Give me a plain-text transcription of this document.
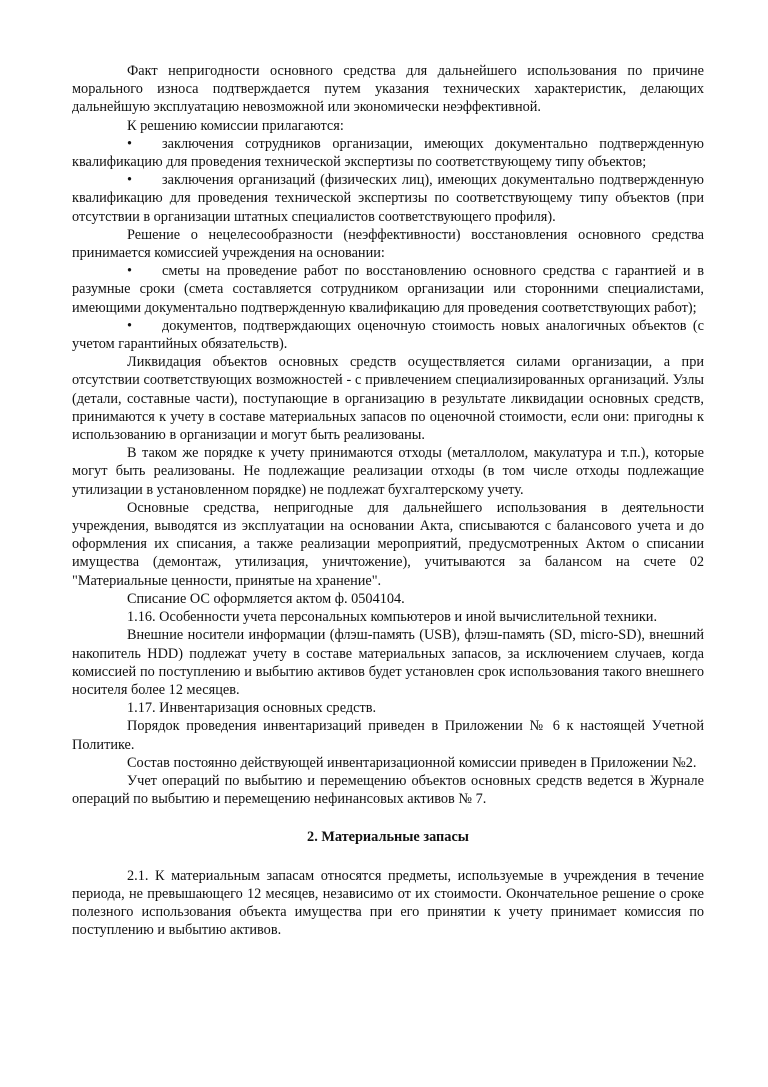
Факт непригодности основного средства для дальнейшего использования по причине морального износа подтверждается путем указания технических характеристик, делающих дальнейшую эксплуатацию невозможной или экономически неэффективной.

К решению комиссии прилагаются:

•	заключения сотрудников организации, имеющих документально подтвержденную квалификацию для проведения технической экспертизы по соответствующему типу объектов;

•	заключения организаций (физических лиц), имеющих документально подтвержденную квалификацию для проведения технической экспертизы по соответствующему типу объектов (при отсутствии в организации штатных специалистов соответствующего профиля).

Решение о нецелесообразности (неэффективности) восстановления основного средства принимается комиссией учреждения на основании:

•	сметы на проведение работ по восстановлению основного средства с гарантией и в разумные сроки (смета составляется сотрудником организации или сторонними специалистами, имеющими документально подтвержденную квалификацию для проведения соответствующих работ);

•	документов, подтверждающих оценочную стоимость новых аналогичных объектов (с учетом гарантийных обязательств).

Ликвидация объектов основных средств осуществляется силами организации, а при отсутствии соответствующих возможностей - с привлечением специализированных организаций. Узлы (детали, составные части), поступающие в организацию в результате ликвидации основных средств, принимаются к учету в составе материальных запасов по оценочной стоимости, если они: пригодны к использованию в организации и могут быть реализованы.

В таком же порядке к учету принимаются отходы (металлолом, макулатура и т.п.), которые могут быть реализованы. Не подлежащие реализации отходы (в том числе отходы подлежащие утилизации в установленном порядке) не подлежат бухгалтерскому учету.

Основные средства, непригодные для дальнейшего использования в деятельности учреждения, выводятся из эксплуатации на основании Акта, списываются с балансового учета и до оформления их списания, а также реализации мероприятий, предусмотренных Актом о списании имущества (демонтаж, утилизация, уничтожение), учитываются за балансом на счете 02 "Материальные ценности, принятые на хранение".

Списание ОС оформляется актом ф. 0504104.

1.16. Особенности учета персональных компьютеров и иной вычислительной техники.

Внешние носители информации (флэш-память (USB), флэш-память (SD, micro-SD), внешний накопитель HDD) подлежат учету в составе материальных запасов, за исключением случаев, когда комиссией по поступлению и выбытию активов будет установлен срок использования такого внешнего носителя более 12 месяцев.

1.17. Инвентаризация основных средств.

Порядок проведения инвентаризаций приведен в Приложении № 6 к настоящей Учетной Политике.

Состав постоянно действующей инвентаризационной комиссии приведен в Приложении №2.

Учет операций по выбытию и перемещению объектов основных средств ведется в Журнале операций по выбытию и перемещению нефинансовых активов № 7.

2. Материальные запасы

2.1. К материальным запасам относятся предметы, используемые в учреждения в течение периода, не превышающего 12 месяцев, независимо от их стоимости. Окончательное решение о сроке полезного использования объекта имущества при его принятии к учету принимает комиссия по поступлению и выбытию активов.
